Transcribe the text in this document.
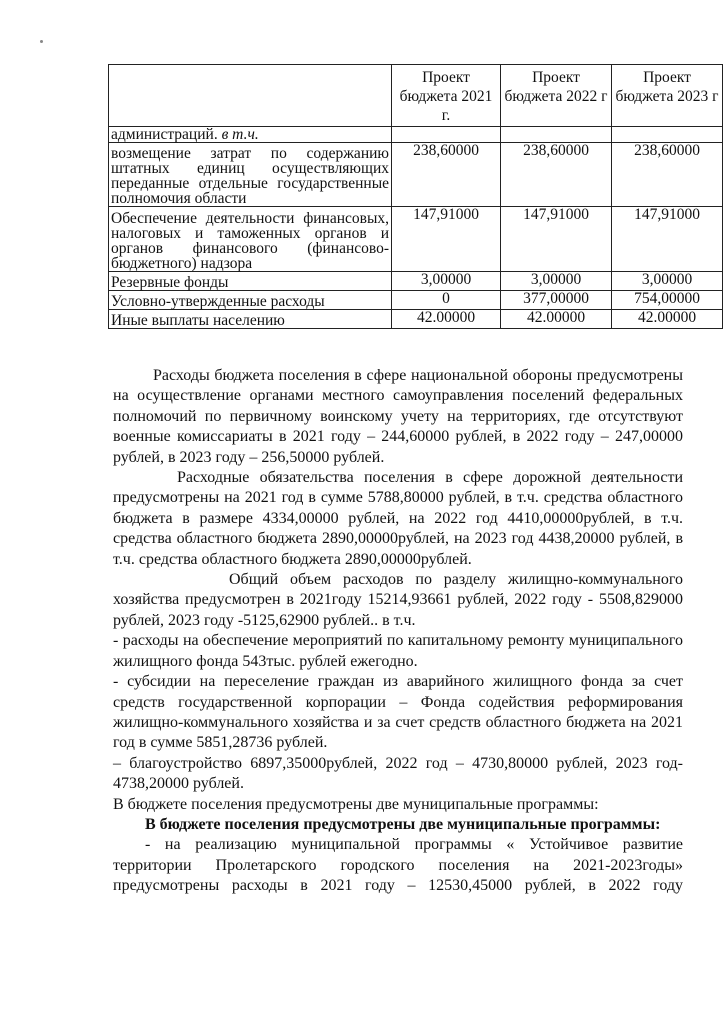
	Проект бюджета 2021 г.	Проект бюджета 2022 г	Проект бюджета 2023 г
администраций. в т.ч.			
возмещение затрат по содержанию штатных единиц осуществляющих переданные отдельные государственные полномочия области	238,60000	238,60000	238,60000
Обеспечение деятельности финансовых, налоговых и таможенных органов и органов финансового (финансово-бюджетного) надзора	147,91000	147,91000	147,91000
Резервные фонды	3,00000	3,00000	3,00000
Условно-утвержденные расходы	0	377,00000	754,00000
Иные выплаты населению	42.00000	42.00000	42.00000

Расходы бюджета поселения в сфере национальной обороны предусмотрены на осуществление органами местного самоуправления поселений федеральных полномочий по первичному воинскому учету на территориях, где отсутствуют военные комиссариаты в 2021 году – 244,60000 рублей, в 2022 году – 247,00000 рублей, в 2023 году – 256,50000 рублей.

Расходные обязательства поселения в сфере дорожной деятельности предусмотрены на 2021 год в сумме 5788,80000 рублей, в т.ч. средства областного бюджета в размере 4334,00000 рублей, на 2022 год 4410,00000рублей, в т.ч. средства областного бюджета 2890,00000рублей, на 2023 год 4438,20000 рублей, в т.ч. средства областного бюджета 2890,00000рублей.

Общий объем расходов по разделу жилищно-коммунального хозяйства предусмотрен в 2021году 15214,93661 рублей, 2022 году - 5508,829000 рублей, 2023 году -5125,62900 рублей.. в т.ч.

- расходы на обеспечение мероприятий по капитальному ремонту муниципального жилищного фонда 543тыс. рублей ежегодно.

- субсидии на переселение граждан из аварийного жилищного фонда за счет средств государственной корпорации – Фонда содействия реформирования жилищно-коммунального хозяйства и за счет средств областного бюджета на 2021 год в сумме 5851,28736 рублей.

– благоустройство 6897,35000рублей, 2022 год – 4730,80000 рублей, 2023 год- 4738,20000 рублей.

В бюджете поселения предусмотрены две муниципальные программы:

В бюджете поселения предусмотрены две муниципальные программы:

- на реализацию муниципальной программы « Устойчивое развитие территории Пролетарского городского поселения на 2021-2023годы» предусмотрены расходы в 2021 году – 12530,45000 рублей, в 2022 году
